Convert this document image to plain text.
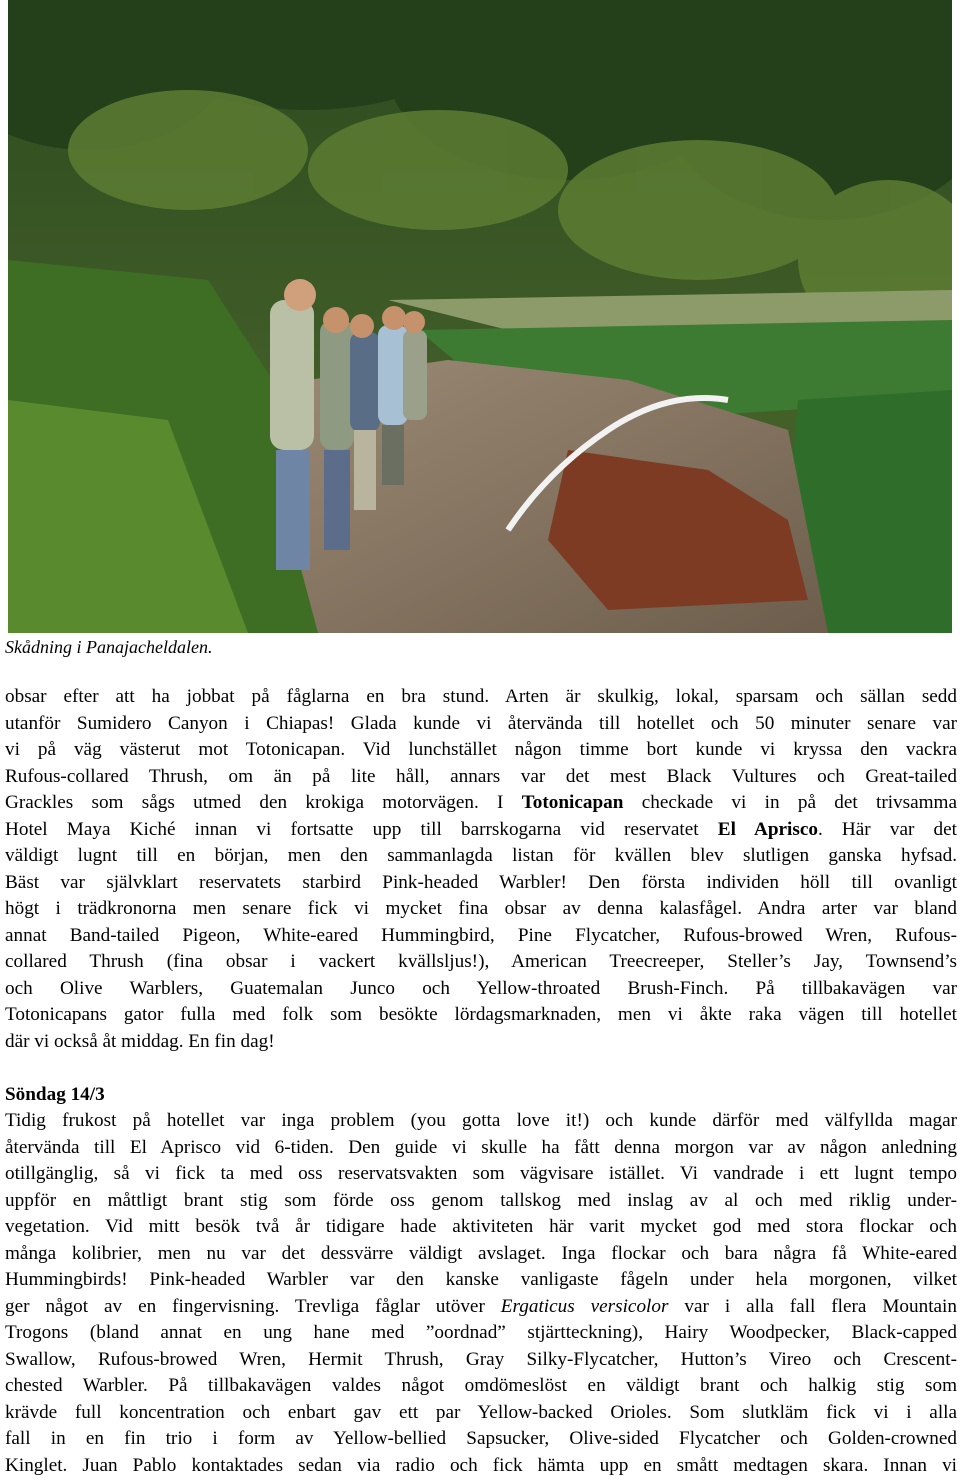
Skådning i Panajacheldalen.
obsar efter att ha jobbat på fåglarna en bra stund. Arten är skulkig, lokal, sparsam och sällan sedd
utanför Sumidero Canyon i Chiapas! Glada kunde vi återvända till hotellet och 50 minuter senare var
vi på väg västerut mot Totonicapan. Vid lunchstället någon timme bort kunde vi kryssa den vackra
Rufous-collared Thrush, om än på lite håll, annars var det mest Black Vultures och Great-tailed
Grackles som sågs utmed den krokiga motorvägen. I Totonicapan checkade vi in på det trivsamma
Hotel Maya Kiché innan vi fortsatte upp till barrskogarna vid reservatet El Aprisco. Här var det
väldigt lugnt till en början, men den sammanlagda listan för kvällen blev slutligen ganska hyfsad.
Bäst var självklart reservatets starbird Pink-headed Warbler! Den första individen höll till ovanligt
högt i trädkronorna men senare fick vi mycket fina obsar av denna kalasfågel. Andra arter var bland
annat Band-tailed Pigeon, White-eared Hummingbird, Pine Flycatcher, Rufous-browed Wren, Rufous-
collared Thrush (fina obsar i vackert kvällsljus!), American Treecreeper, Steller’s Jay, Townsend’s
och Olive Warblers, Guatemalan Junco och Yellow-throated Brush-Finch. På tillbakavägen var
Totonicapans gator fulla med folk som besökte lördagsmarknaden, men vi åkte raka vägen till hotellet
där vi också åt middag. En fin dag!
Söndag 14/3
Tidig frukost på hotellet var inga problem (you gotta love it!) och kunde därför med välfyllda magar
återvända till El Aprisco vid 6-tiden. Den guide vi skulle ha fått denna morgon var av någon anledning
otillgänglig, så vi fick ta med oss reservatsvakten som vägvisare istället. Vi vandrade i ett lugnt tempo
uppför en måttligt brant stig som förde oss genom tallskog med inslag av al och med riklig under-
vegetation. Vid mitt besök två år tidigare hade aktiviteten här varit mycket god med stora flockar och
många kolibrier, men nu var det dessvärre väldigt avslaget. Inga flockar och bara några få White-eared
Hummingbirds! Pink-headed Warbler var den kanske vanligaste fågeln under hela morgonen, vilket
ger något av en fingervisning. Trevliga fåglar utöver Ergaticus versicolor var i alla fall flera Mountain
Trogons (bland annat en ung hane med ”oordnad” stjärtteckning), Hairy Woodpecker, Black-capped
Swallow, Rufous-browed Wren, Hermit Thrush, Gray Silky-Flycatcher, Hutton’s Vireo och Crescent-
chested Warbler. På tillbakavägen valdes något omdömeslöst en väldigt brant och halkig stig som
krävde full koncentration och enbart gav ett par Yellow-backed Orioles. Som slutkläm fick vi i alla
fall in en fin trio i form av Yellow-bellied Sapsucker, Olive-sided Flycatcher och Golden-crowned
Kinglet. Juan Pablo kontaktades sedan via radio och fick hämta upp en smått medtagen skara. Innan vi
